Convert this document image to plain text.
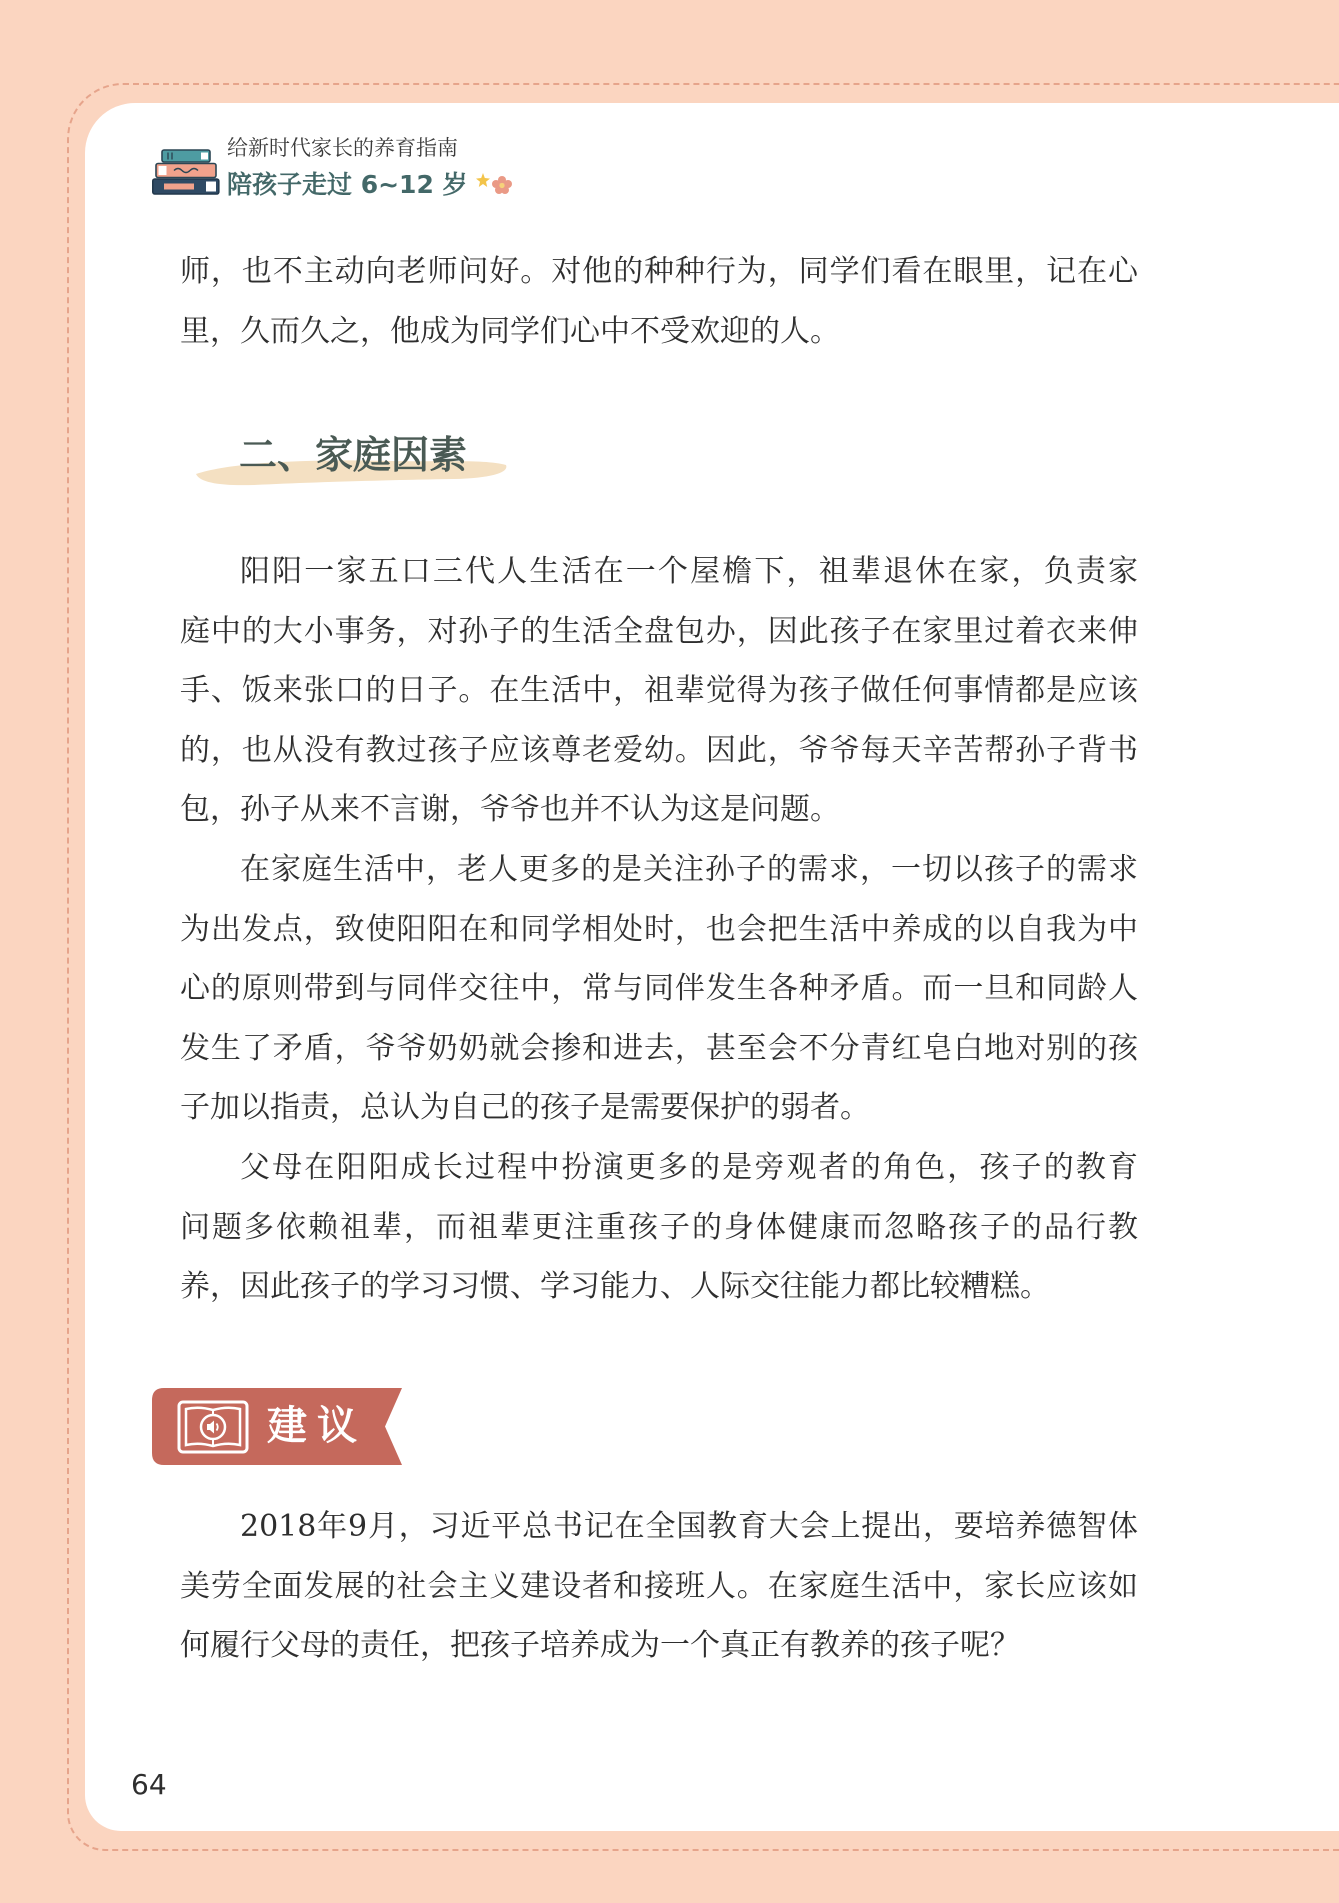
给新时代家长的养育指南
陪孩子走过 6~12 岁
师，也不主动向老师问好。对他的种种行为，同学们看在眼里，记在心
里，久而久之，他成为同学们心中不受欢迎的人。
二、家庭因素
阳阳一家五口三代人生活在一个屋檐下，祖辈退休在家，负责家
庭中的大小事务，对孙子的生活全盘包办，因此孩子在家里过着衣来伸
手、饭来张口的日子。在生活中，祖辈觉得为孩子做任何事情都是应该
的，也从没有教过孩子应该尊老爱幼。因此，爷爷每天辛苦帮孙子背书
包，孙子从来不言谢，爷爷也并不认为这是问题。
在家庭生活中，老人更多的是关注孙子的需求，一切以孩子的需求
为出发点，致使阳阳在和同学相处时，也会把生活中养成的以自我为中
心的原则带到与同伴交往中，常与同伴发生各种矛盾。而一旦和同龄人
发生了矛盾，爷爷奶奶就会掺和进去，甚至会不分青红皂白地对别的孩
子加以指责，总认为自己的孩子是需要保护的弱者。
父母在阳阳成长过程中扮演更多的是旁观者的角色，孩子的教育
问题多依赖祖辈，而祖辈更注重孩子的身体健康而忽略孩子的品行教
养，因此孩子的学习习惯、学习能力、人际交往能力都比较糟糕。
建议
2018年9月，习近平总书记在全国教育大会上提出，要培养德智体
美劳全面发展的社会主义建设者和接班人。在家庭生活中，家长应该如
何履行父母的责任，把孩子培养成为一个真正有教养的孩子呢？
64
